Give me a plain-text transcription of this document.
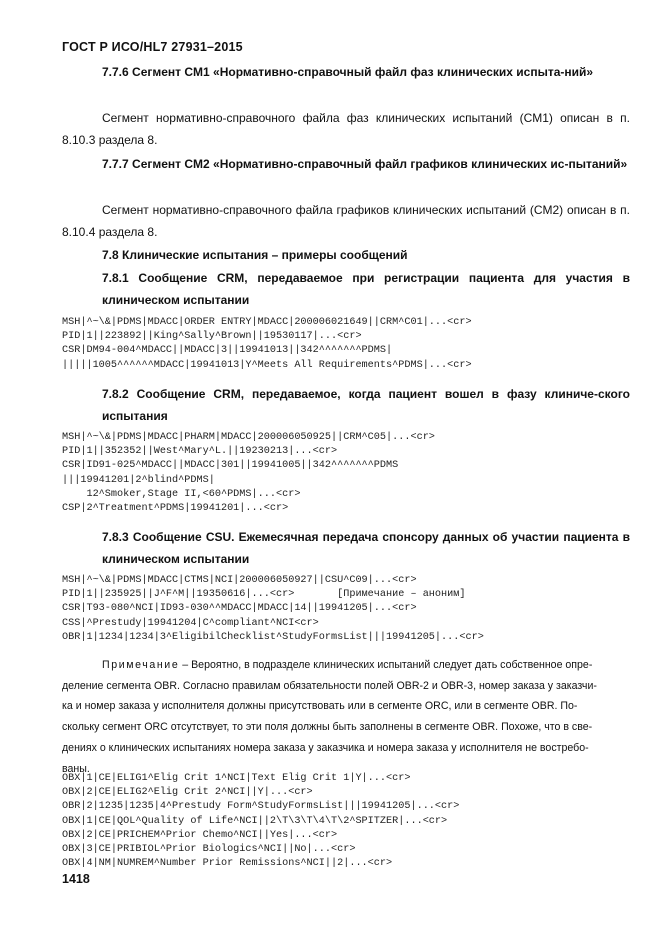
ГОСТ Р ИСО/HL7 27931–2015
7.7.6 Сегмент CM1 «Нормативно-справочный файл фаз клинических испыта-ний»
Сегмент нормативно-справочного файла фаз клинических испытаний (CM1) описан в п. 8.10.3 раздела 8.
7.7.7 Сегмент CM2 «Нормативно-справочный файл графиков клинических ис-пытаний»
Сегмент нормативно-справочного файла графиков клинических испытаний (CM2) описан в п. 8.10.4 раздела 8.
7.8 Клинические испытания – примеры сообщений
7.8.1 Сообщение CRM, передаваемое при регистрации пациента для участия в клиническом испытании
MSH|^~\&|PDMS|MDACC|ORDER ENTRY|MDACC|200006021649||CRM^C01|...<cr>
PID|1||223892||King^Sally^Brown||19530117|...<cr>
CSR|DM94-004^MDACC||MDACC|3||19941013||342^^^^^^^PDMS|
|||||1005^^^^^^MDACC|19941013|Y^Meets All Requirements^PDMS|...<cr>
7.8.2 Сообщение CRM, передаваемое, когда пациент вошел в фазу клиниче-ского испытания
MSH|^~\&|PDMS|MDACC|PHARM|MDACC|200006050925||CRM^C05|...<cr>
PID|1||352352||West^Mary^L.||19230213|...<cr>
CSR|ID91-025^MDACC||MDACC|301||19941005||342^^^^^^^PDMS
|||19941201|2^blind^PDMS|
12^Smoker,Stage II,<60^PDMS|...<cr>
CSP|2^Treatment^PDMS|19941201|...<cr>
7.8.3 Сообщение CSU. Ежемесячная передача спонсору данных об участии пациента в клиническом испытании
MSH|^~\&|PDMS|MDACC|CTMS|NCI|200006050927||CSU^C09|...<cr>
PID|1||235925||J^F^M||19350616|...<cr>       [Примечание – аноним]
CSR|T93-080^NCI|ID93-030^^MDACC|MDACC|14||19941205|...<cr>
CSS|^Prestudy|19941204|C^compliant^NCI<cr>
OBR|1|1234|1234|3^EligibilChecklist^StudyFormsList|||19941205|...<cr>
Примечание – Вероятно, в подразделе клинических испытаний следует дать собственное опре-
деление сегмента OBR. Согласно правилам обязательности полей OBR-2 и OBR-3, номер заказа у заказчи-
ка и номер заказа у исполнителя должны присутствовать или в сегменте ORC, или в сегменте OBR. По-
скольку сегмент ORC отсутствует, то эти поля должны быть заполнены в сегменте OBR. Похоже, что в све-
дениях о клинических испытаниях номера заказа у заказчика и номера заказа у исполнителя не востребо-
ваны.
OBX|1|CE|ELIG1^Elig Crit 1^NCI|Text Elig Crit 1|Y|...<cr>
OBX|2|CE|ELIG2^Elig Crit 2^NCI||Y|...<cr>
OBR|2|1235|1235|4^Prestudy Form^StudyFormsList|||19941205|...<cr>
OBX|1|CE|QOL^Quality of Life^NCI||2\T\3\T\4\T\2^SPITZER|...<cr>
OBX|2|CE|PRICHEM^Prior Chemo^NCI||Yes|...<cr>
OBX|3|CE|PRIBIOL^Prior Biologics^NCI||No|...<cr>
OBX|4|NM|NUMREM^Number Prior Remissions^NCI||2|...<cr>
1418
